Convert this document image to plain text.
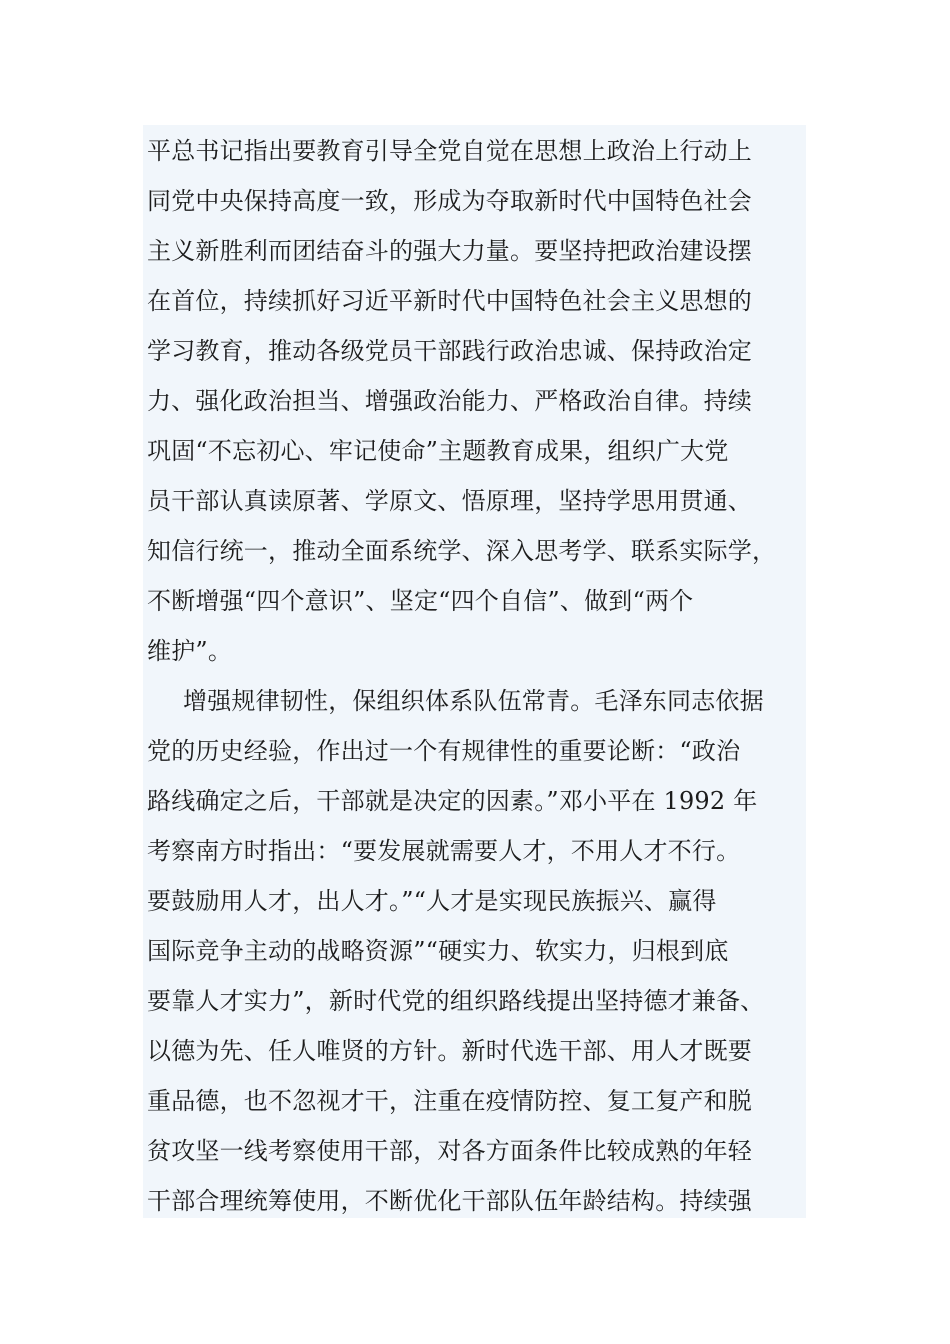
平总书记指出要教育引导全党自觉在思想上政治上行动上
同党中央保持高度一致，形成为夺取新时代中国特色社会
主义新胜利而团结奋斗的强大力量。要坚持把政治建设摆
在首位，持续抓好习近平新时代中国特色社会主义思想的
学习教育，推动各级党员干部践行政治忠诚、保持政治定
力、强化政治担当、增强政治能力、严格政治自律。持续
巩固“不忘初心、牢记使命”主题教育成果，组织广大党
员干部认真读原著、学原文、悟原理，坚持学思用贯通、
知信行统一，推动全面系统学、深入思考学、联系实际学，
不断增强“四个意识”、坚定“四个自信”、做到“两个
维护”。
增强规律韧性，保组织体系队伍常青。毛泽东同志依据
党的历史经验，作出过一个有规律性的重要论断：“政治
路线确定之后，干部就是决定的因素。”邓小平在 1992 年
考察南方时指出：“要发展就需要人才，不用人才不行。
要鼓励用人才，出人才。”“人才是实现民族振兴、赢得
国际竞争主动的战略资源”“硬实力、软实力，归根到底
要靠人才实力”，新时代党的组织路线提出坚持德才兼备、
以德为先、任人唯贤的方针。新时代选干部、用人才既要
重品德，也不忽视才干，注重在疫情防控、复工复产和脱
贫攻坚一线考察使用干部，对各方面条件比较成熟的年轻
干部合理统筹使用，不断优化干部队伍年龄结构。持续强
